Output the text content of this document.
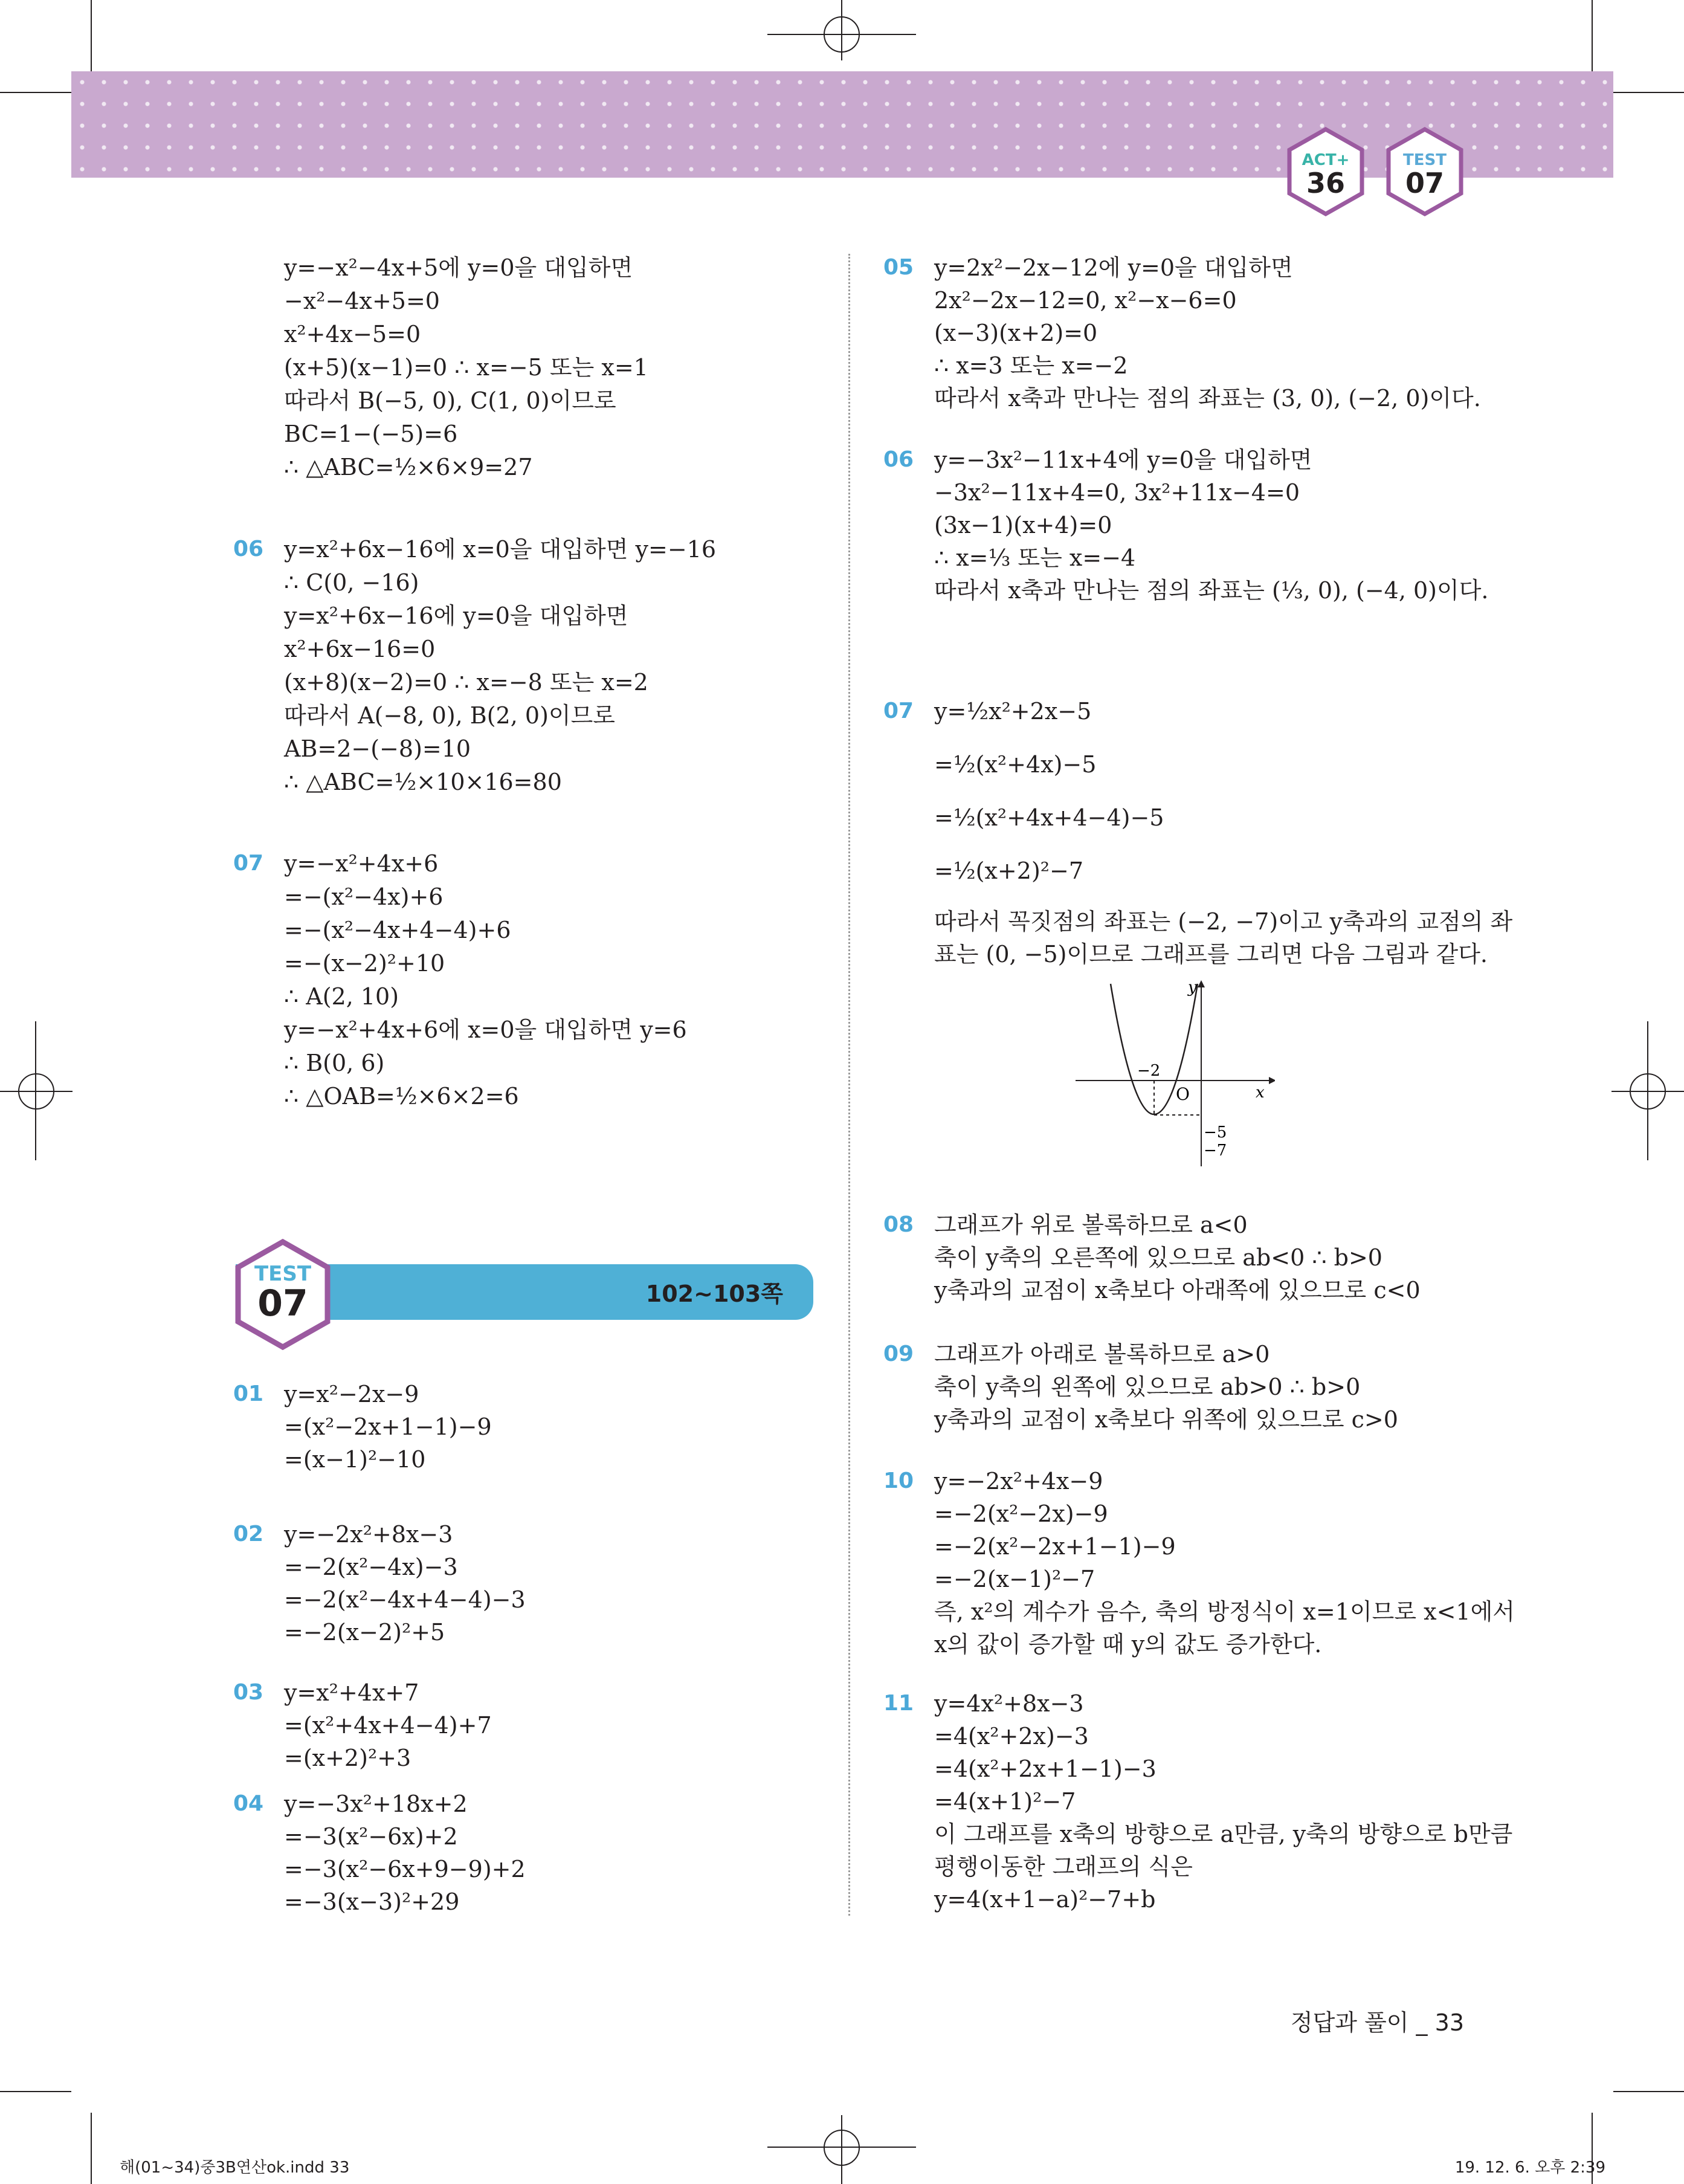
ACT+
36
TEST
07
y=−x²−4x+5에 y=0을 대입하면
−x²−4x+5=0
x²+4x−5=0
(x+5)(x−1)=0 ∴ x=−5 또는 x=1
따라서 B(−5, 0), C(1, 0)이므로
BC=1−(−5)=6
∴ △ABC=½×6×9=27
06 y=x²+6x−16에 x=0을 대입하면 y=−16
∴ C(0, −16)
y=x²+6x−16에 y=0을 대입하면
x²+6x−16=0
(x+8)(x−2)=0 ∴ x=−8 또는 x=2
따라서 A(−8, 0), B(2, 0)이므로
AB=2−(−8)=10
∴ △ABC=½×10×16=80
07 y=−x²+4x+6
=−(x²−4x)+6
=−(x²−4x+4−4)+6
=−(x−2)²+10
∴ A(2, 10)
y=−x²+4x+6에 x=0을 대입하면 y=6
∴ B(0, 6)
∴ △OAB=½×6×2=6
102~103쪽
TEST
07
01 y=x²−2x−9
=(x²−2x+1−1)−9
=(x−1)²−10
02 y=−2x²+8x−3
=−2(x²−4x)−3
=−2(x²−4x+4−4)−3
=−2(x−2)²+5
03 y=x²+4x+7
=(x²+4x+4−4)+7
=(x+2)²+3
04 y=−3x²+18x+2
=−3(x²−6x)+2
=−3(x²−6x+9−9)+2
=−3(x−3)²+29
05 y=2x²−2x−12에 y=0을 대입하면
2x²−2x−12=0, x²−x−6=0
(x−3)(x+2)=0
∴ x=3 또는 x=−2
따라서 x축과 만나는 점의 좌표는 (3, 0), (−2, 0)이다.
06 y=−3x²−11x+4에 y=0을 대입하면
−3x²−11x+4=0, 3x²+11x−4=0
(3x−1)(x+4)=0
∴ x=⅓ 또는 x=−4
따라서 x축과 만나는 점의 좌표는 (⅓, 0), (−4, 0)이다.
07 y=½x²+2x−5
=½(x²+4x)−5
=½(x²+4x+4−4)−5
=½(x+2)²−7
따라서 꼭짓점의 좌표는 (−2, −7)이고 y축과의 교점의 좌
표는 (0, −5)이므로 그래프를 그리면 다음 그림과 같다.
08 그래프가 위로 볼록하므로 a<0
축이 y축의 오른쪽에 있으므로 ab<0 ∴ b>0
y축과의 교점이 x축보다 아래쪽에 있으므로 c<0
09 그래프가 아래로 볼록하므로 a>0
축이 y축의 왼쪽에 있으므로 ab>0 ∴ b>0
y축과의 교점이 x축보다 위쪽에 있으므로 c>0
10 y=−2x²+4x−9
=−2(x²−2x)−9
=−2(x²−2x+1−1)−9
=−2(x−1)²−7
즉, x²의 계수가 음수, 축의 방정식이 x=1이므로 x<1에서
x의 값이 증가할 때 y의 값도 증가한다.
11 y=4x²+8x−3
=4(x²+2x)−3
=4(x²+2x+1−1)−3
=4(x+1)²−7
이 그래프를 x축의 방향으로 a만큼, y축의 방향으로 b만큼
평행이동한 그래프의 식은
y=4(x+1−a)²−7+b
y
x
O
−2
−5
−7
정답과 풀이 _ 33
해(01~34)중3B연산ok.indd 33	19. 12. 6. 오후 2:39
